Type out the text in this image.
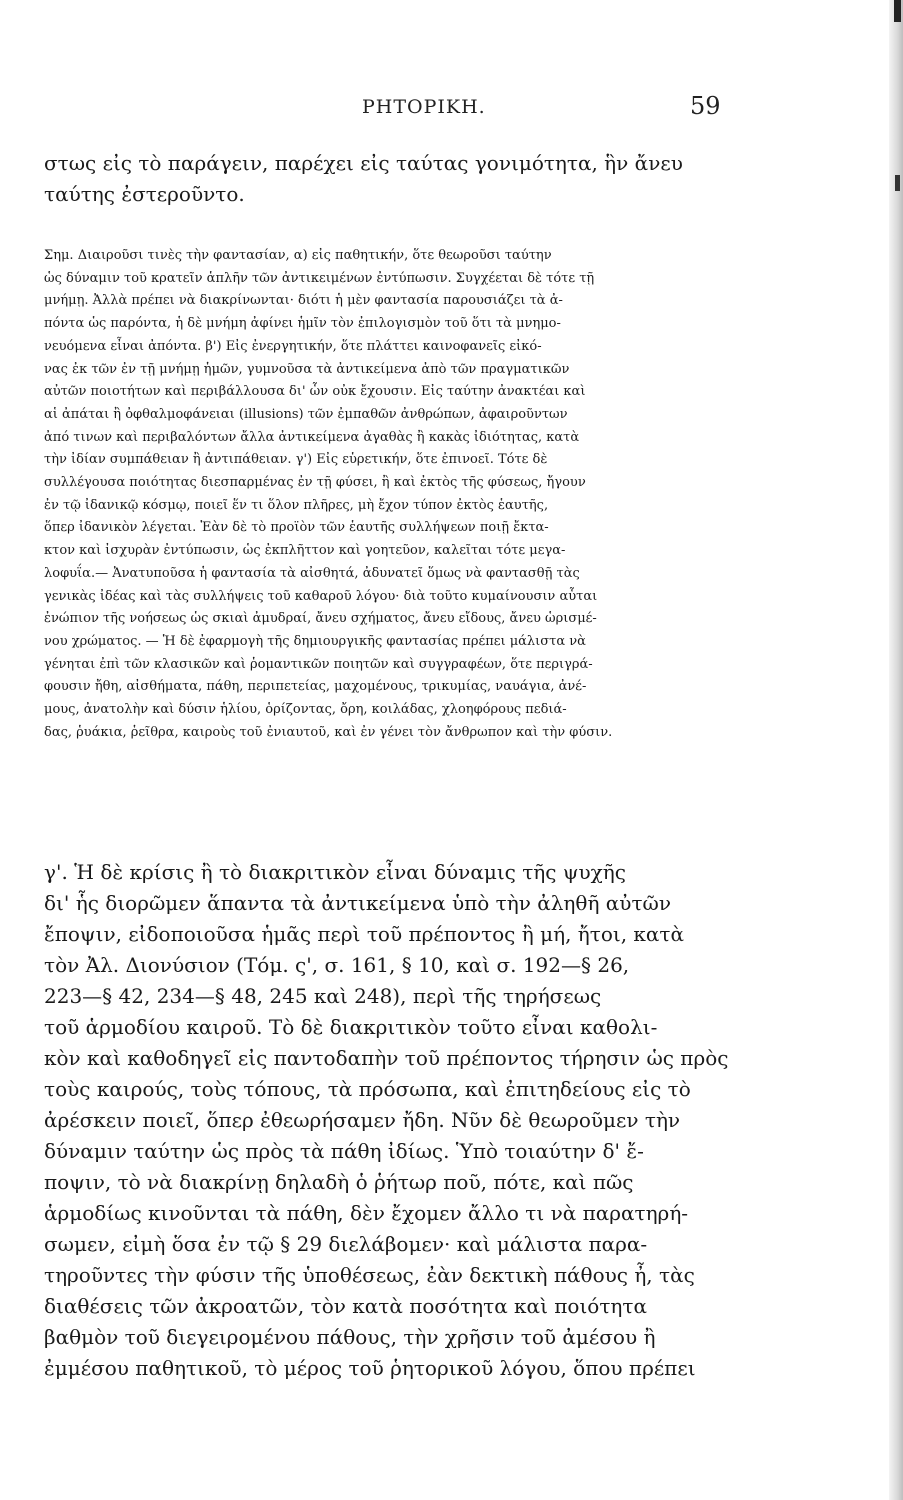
ΡΗΤΟΡΙΚΗ.	59
στως εἰς τὸ παράγειν, παρέχει εἰς ταύτας γονιμότητα, ἣν ἄνευ
ταύτης ἐστεροῦντο.
Σημ. Διαιροῦσι τινὲς τὴν φαντασίαν, α) εἰς παθητικήν, ὅτε θεωροῦσι ταύτην
ὡς δύναμιν τοῦ κρατεῖν ἁπλῆν τῶν ἀντικειμένων ἐντύπωσιν. Συγχέεται δὲ τότε τῇ
μνήμῃ. Ἀλλὰ πρέπει νὰ διακρίνωνται· διότι ἡ μὲν φαντασία παρουσιάζει τὰ ἀ-
πόντα ὡς παρόντα, ἡ δὲ μνήμη ἀφίνει ἡμῖν τὸν ἐπιλογισμὸν τοῦ ὅτι τὰ μνημο-
νευόμενα εἶναι ἀπόντα. β') Εἰς ἐνεργητικήν, ὅτε πλάττει καινοφανεῖς εἰκό-
νας ἐκ τῶν ἐν τῇ μνήμῃ ἡμῶν, γυμνοῦσα τὰ ἀντικείμενα ἀπὸ τῶν πραγματικῶν
αὐτῶν ποιοτήτων καὶ περιβάλλουσα δι' ὧν οὐκ ἔχουσιν. Εἰς ταύτην ἀνακτέαι καὶ
αἱ ἀπάται ἢ ὀφθαλμοφάνειαι (illusions) τῶν ἐμπαθῶν ἀνθρώπων, ἀφαιροῦντων
ἀπό τινων καὶ περιβαλόντων ἄλλα ἀντικείμενα ἀγαθὰς ἢ κακὰς ἰδιότητας, κατὰ
τὴν ἰδίαν συμπάθειαν ἢ ἀντιπάθειαν. γ') Εἰς εὑρετικήν, ὅτε ἐπινοεῖ. Τότε δὲ
συλλέγουσα ποιότητας διεσπαρμένας ἐν τῇ φύσει, ἢ καὶ ἐκτὸς τῆς φύσεως, ἤγουν
ἐν τῷ ἰδανικῷ κόσμῳ, ποιεῖ ἕν τι ὅλον πλῆρες, μὴ ἔχον τύπον ἐκτὸς ἑαυτῆς,
ὅπερ ἰδανικὸν λέγεται. Ἐὰν δὲ τὸ προϊὸν τῶν ἑαυτῆς συλλήψεων ποιῇ ἔκτα-
κτον καὶ ἰσχυρὰν ἐντύπωσιν, ὡς ἐκπλῆττον καὶ γοητεῦον, καλεῖται τότε μεγα-
λοφυΐα.— Ἀνατυποῦσα ἡ φαντασία τὰ αἰσθητά, ἀδυνατεῖ ὅμως νὰ φαντασθῇ τὰς
γενικὰς ἰδέας καὶ τὰς συλλήψεις τοῦ καθαροῦ λόγου· διὰ τοῦτο κυμαίνουσιν αὗται
ἐνώπιον τῆς νοήσεως ὡς σκιαὶ ἀμυδραί, ἄνευ σχήματος, ἄνευ εἴδους, ἄνευ ὡρισμέ-
νου χρώματος. — Ἡ δὲ ἐφαρμογὴ τῆς δημιουργικῆς φαντασίας πρέπει μάλιστα νὰ
γένηται ἐπὶ τῶν κλασικῶν καὶ ῥομαντικῶν ποιητῶν καὶ συγγραφέων, ὅτε περιγρά-
φουσιν ἤθη, αἰσθήματα, πάθη, περιπετείας, μαχομένους, τρικυμίας, ναυάγια, ἀνέ-
μους, ἀνατολὴν καὶ δύσιν ἡλίου, ὁρίζοντας, ὄρη, κοιλάδας, χλοηφόρους πεδιά-
δας, ῥυάκια, ῥεῖθρα, καιροὺς τοῦ ἐνιαυτοῦ, καὶ ἐν γένει τὸν ἄνθρωπον καὶ τὴν φύσιν.
γ'. Ἡ δὲ κρίσις ἢ τὸ διακριτικὸν εἶναι δύναμις τῆς ψυχῆς
δι' ἧς διορῶμεν ἅπαντα τὰ ἀντικείμενα ὑπὸ τὴν ἀληθῆ αὐτῶν
ἔποψιν, εἰδοποιοῦσα ἡμᾶς περὶ τοῦ πρέποντος ἢ μή, ἤτοι, κατὰ
τὸν Ἀλ. Διονύσιον (Τόμ. ς', σ. 161, § 10, καὶ σ. 192—§ 26,
223—§ 42, 234—§ 48, 245 καὶ 248), περὶ τῆς τηρήσεως
τοῦ ἁρμοδίου καιροῦ. Τὸ δὲ διακριτικὸν τοῦτο εἶναι καθολι-
κὸν καὶ καθοδηγεῖ εἰς παντοδαπὴν τοῦ πρέποντος τήρησιν ὡς πρὸς
τοὺς καιρούς, τοὺς τόπους, τὰ πρόσωπα, καὶ ἐπιτηδείους εἰς τὸ
ἀρέσκειν ποιεῖ, ὅπερ ἐθεωρήσαμεν ἤδη. Νῦν δὲ θεωροῦμεν τὴν
δύναμιν ταύτην ὡς πρὸς τὰ πάθη ἰδίως. Ὑπὸ τοιαύτην δ' ἔ-
ποψιν, τὸ νὰ διακρίνῃ δηλαδὴ ὁ ῥήτωρ ποῦ, πότε, καὶ πῶς
ἁρμοδίως κινοῦνται τὰ πάθη, δὲν ἔχομεν ἄλλο τι νὰ παρατηρή-
σωμεν, εἰμὴ ὅσα ἐν τῷ § 29 διελάβομεν· καὶ μάλιστα παρα-
τηροῦντες τὴν φύσιν τῆς ὑποθέσεως, ἐὰν δεκτικὴ πάθους ἦ, τὰς
διαθέσεις τῶν ἀκροατῶν, τὸν κατὰ ποσότητα καὶ ποιότητα
βαθμὸν τοῦ διεγειρομένου πάθους, τὴν χρῆσιν τοῦ ἀμέσου ἢ
ἐμμέσου παθητικοῦ, τὸ μέρος τοῦ ῥητορικοῦ λόγου, ὅπου πρέπει
